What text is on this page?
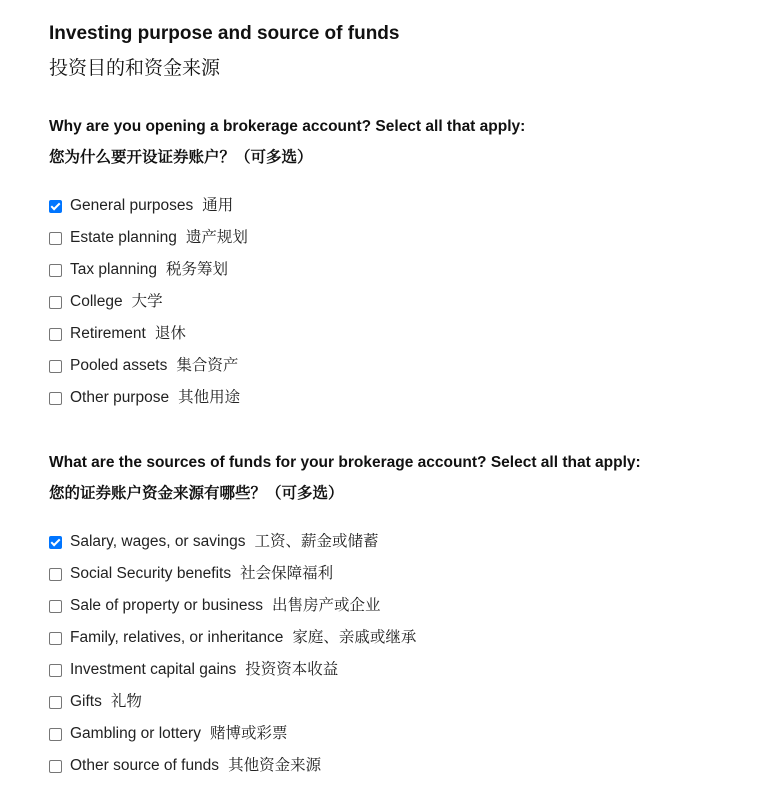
Investing purpose and source of funds
投资目的和资金来源
Why are you opening a brokerage account? Select all that apply:
您为什么要开设证券账户？（可多选）
General purposes 通用
Estate planning 遗产规划
Tax planning 税务筹划
College 大学
Retirement 退休
Pooled assets 集合资产
Other purpose 其他用途
What are the sources of funds for your brokerage account? Select all that apply:
您的证券账户资金来源有哪些？（可多选）
Salary, wages, or savings 工资、薪金或储蓄
Social Security benefits 社会保障福利
Sale of property or business 出售房产或企业
Family, relatives, or inheritance 家庭、亲戚或继承
Investment capital gains 投资资本收益
Gifts 礼物
Gambling or lottery 赌博或彩票
Other source of funds 其他资金来源
